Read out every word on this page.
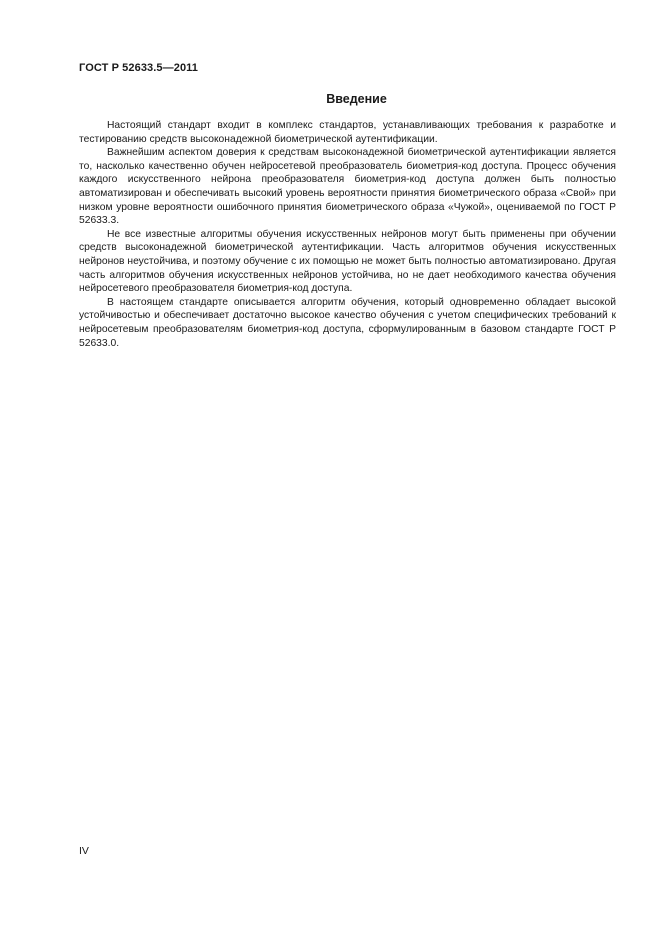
ГОСТ Р 52633.5—2011
Введение

Настоящий стандарт входит в комплекс стандартов, устанавливающих требования к разработке и тестированию средств высоконадежной биометрической аутентификации.

Важнейшим аспектом доверия к средствам высоконадежной биометрической аутентификации является то, насколько качественно обучен нейросетевой преобразователь биометрия-код доступа. Процесс обучения каждого искусственного нейрона преобразователя биометрия-код доступа должен быть полностью автоматизирован и обеспечивать высокий уровень вероятности принятия биометрического образа «Свой» при низком уровне вероятности ошибочного принятия биометрического образа «Чужой», оцениваемой по ГОСТ Р 52633.3.

Не все известные алгоритмы обучения искусственных нейронов могут быть применены при обучении средств высоконадежной биометрической аутентификации. Часть алгоритмов обучения искусственных нейронов неустойчива, и поэтому обучение с их помощью не может быть полностью автоматизировано. Другая часть алгоритмов обучения искусственных нейронов устойчива, но не дает необходимого качества обучения нейросетевого преобразователя биометрия-код доступа.

В настоящем стандарте описывается алгоритм обучения, который одновременно обладает высокой устойчивостью и обеспечивает достаточно высокое качество обучения с учетом специфических требований к нейросетевым преобразователям биометрия-код доступа, сформулированным в базовом стандарте ГОСТ Р 52633.0.

IV
